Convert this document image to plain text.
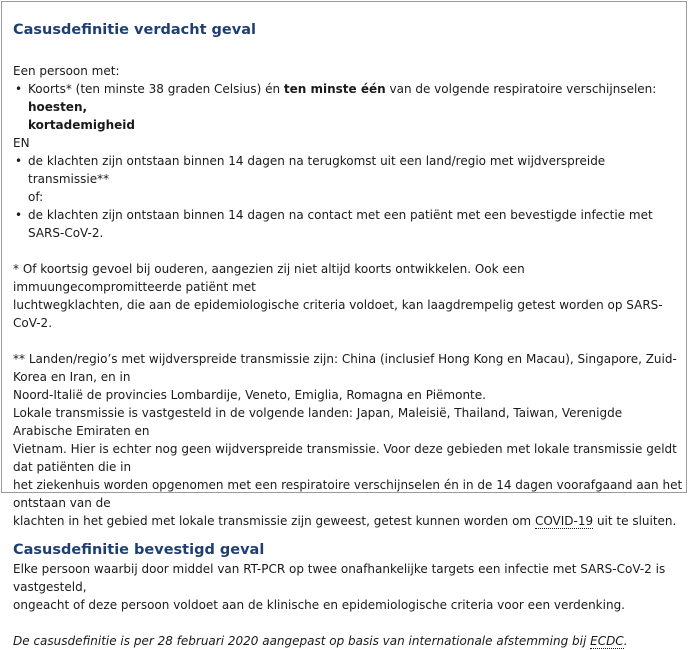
Casusdefinitie verdacht geval

Een persoon met:

• Koorts* (ten minste 38 graden Celsius) én ten minste één van de volgende respiratoire verschijnselen: hoesten,
kortademigheid

EN

• de klachten zijn ontstaan binnen 14 dagen na terugkomst uit een land/regio met wijdverspreide transmissie**

of:

• de klachten zijn ontstaan binnen 14 dagen na contact met een patiënt met een bevestigde infectie met SARS-CoV-2.

* Of koortsig gevoel bij ouderen, aangezien zij niet altijd koorts ontwikkelen. Ook een immuungecompromitteerde patiënt met
luchtwegklachten, die aan de epidemiologische criteria voldoet, kan laagdrempelig getest worden op SARS-CoV-2.

** Landen/regio’s met wijdverspreide transmissie zijn: China (inclusief Hong Kong en Macau), Singapore, Zuid-Korea en Iran, en in
Noord-Italië de provincies Lombardije, Veneto, Emiglia, Romagna en Piëmonte.
Lokale transmissie is vastgesteld in de volgende landen: Japan, Maleisië, Thailand, Taiwan, Verenigde Arabische Emiraten en
Vietnam. Hier is echter nog geen wijdverspreide transmissie. Voor deze gebieden met lokale transmissie geldt dat patiënten die in
het ziekenhuis worden opgenomen met een respiratoire verschijnselen én in de 14 dagen voorafgaand aan het ontstaan van de
klachten in het gebied met lokale transmissie zijn geweest, getest kunnen worden om COVID-19 uit te sluiten.

Casusdefinitie bevestigd geval

Elke persoon waarbij door middel van RT-PCR op twee onafhankelijke targets een infectie met SARS-CoV-2 is vastgesteld,
ongeacht of deze persoon voldoet aan de klinische en epidemiologische criteria voor een verdenking.

De casusdefinitie is per 28 februari 2020 aangepast op basis van internationale afstemming bij ECDC.
